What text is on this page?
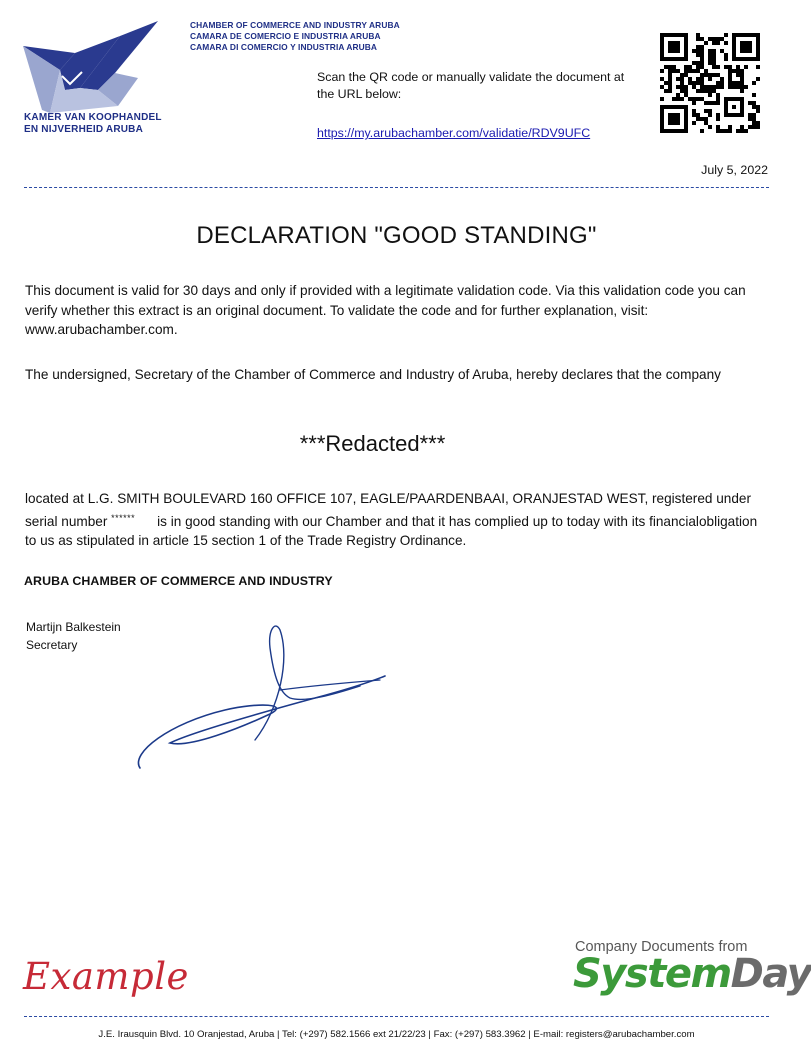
KAMER VAN KOOPHANDEL
EN NIJVERHEID ARUBA
CHAMBER OF COMMERCE AND INDUSTRY ARUBA
CAMARA DE COMERCIO E INDUSTRIA ARUBA
CAMARA DI COMERCIO Y INDUSTRIA ARUBA
Scan the QR code or manually validate the document at the URL below:
https://my.arubachamber.com/validatie/RDV9UFC
July 5, 2022
DECLARATION "GOOD STANDING"
This document is valid for 30 days and only if provided with a legitimate validation code. Via this validation code you can verify whether this extract is an original document. To validate the code and for further explanation, visit: www.arubachamber.com.
The undersigned, Secretary of the Chamber of Commerce and Industry of Aruba, hereby declares that the company
***Redacted***
located at L.G. SMITH BOULEVARD 160 OFFICE 107, EAGLE/PAARDENBAAI, ORANJESTAD WEST, registered under serial number ****** is in good standing with our Chamber and that it has complied up to today with its financialobligation to us as stipulated in article 15 section 1 of the Trade Registry Ordinance.
ARUBA CHAMBER OF COMMERCE AND INDUSTRY
Martijn Balkestein
Secretary
Example
Company Documents from
SystemDay
J.E. Irausquin Blvd. 10 Oranjestad, Aruba | Tel: (+297) 582.1566 ext 21/22/23 | Fax: (+297) 583.3962 | E-mail: registers@arubachamber.com
